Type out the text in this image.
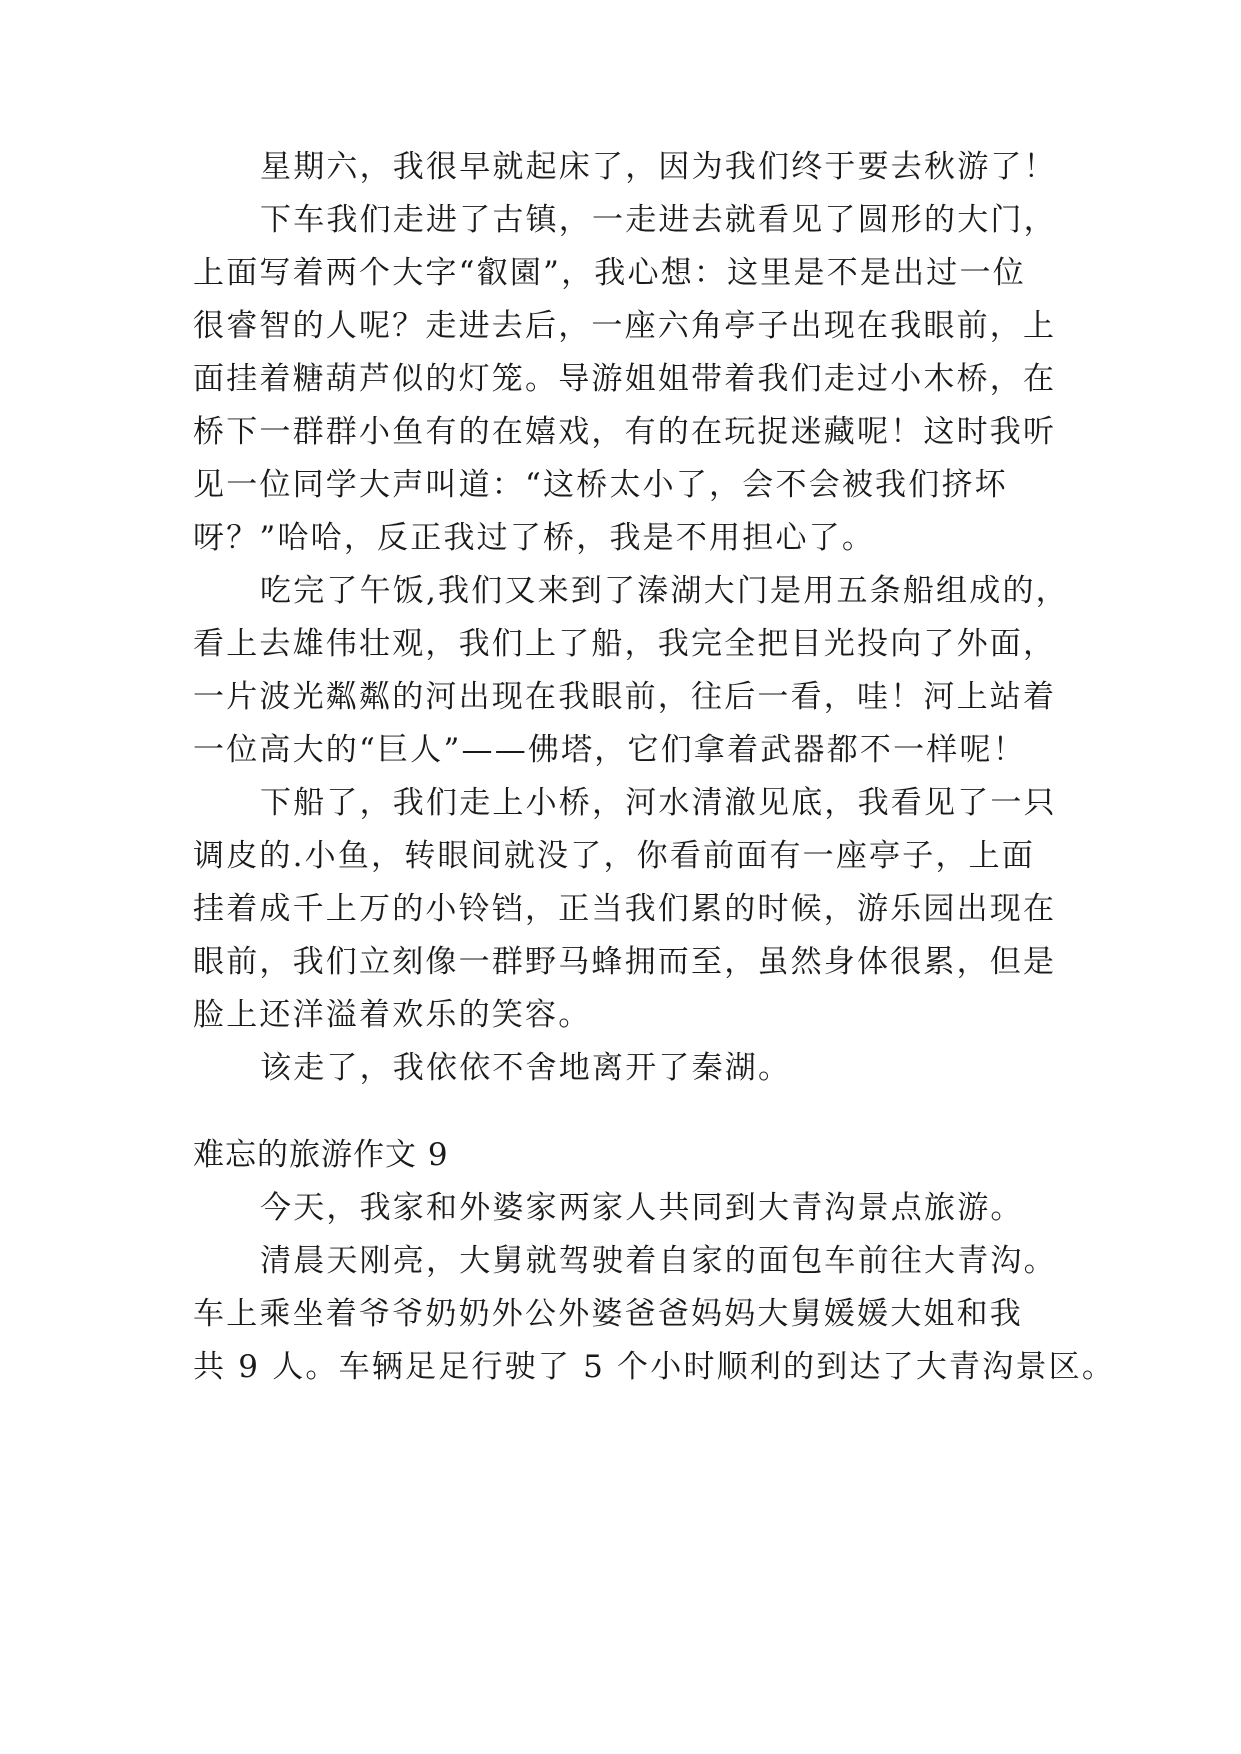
星期六，我很早就起床了，因为我们终于要去秋游了！
下车我们走进了古镇，一走进去就看见了圆形的大门，
上面写着两个大字“叡園”，我心想：这里是不是出过一位
很睿智的人呢？走进去后，一座六角亭子出现在我眼前，上
面挂着糖葫芦似的灯笼。导游姐姐带着我们走过小木桥，在
桥下一群群小鱼有的在嬉戏，有的在玩捉迷藏呢！这时我听
见一位同学大声叫道：“这桥太小了，会不会被我们挤坏
呀？”哈哈，反正我过了桥，我是不用担心了。
吃完了午饭,我们又来到了溱湖大门是用五条船组成的，
看上去雄伟壮观，我们上了船，我完全把目光投向了外面，
一片波光粼粼的河出现在我眼前，往后一看，哇！河上站着
一位高大的“巨人”——佛塔，它们拿着武器都不一样呢！
下船了，我们走上小桥，河水清澈见底，我看见了一只
调皮的.小鱼，转眼间就没了，你看前面有一座亭子，上面
挂着成千上万的小铃铛，正当我们累的时候，游乐园出现在
眼前，我们立刻像一群野马蜂拥而至，虽然身体很累，但是
脸上还洋溢着欢乐的笑容。
该走了，我依依不舍地离开了秦湖。
难忘的旅游作文 9
今天，我家和外婆家两家人共同到大青沟景点旅游。
清晨天刚亮，大舅就驾驶着自家的面包车前往大青沟。
车上乘坐着爷爷奶奶外公外婆爸爸妈妈大舅媛媛大姐和我
共 9 人。车辆足足行驶了 5 个小时顺利的到达了大青沟景区。
